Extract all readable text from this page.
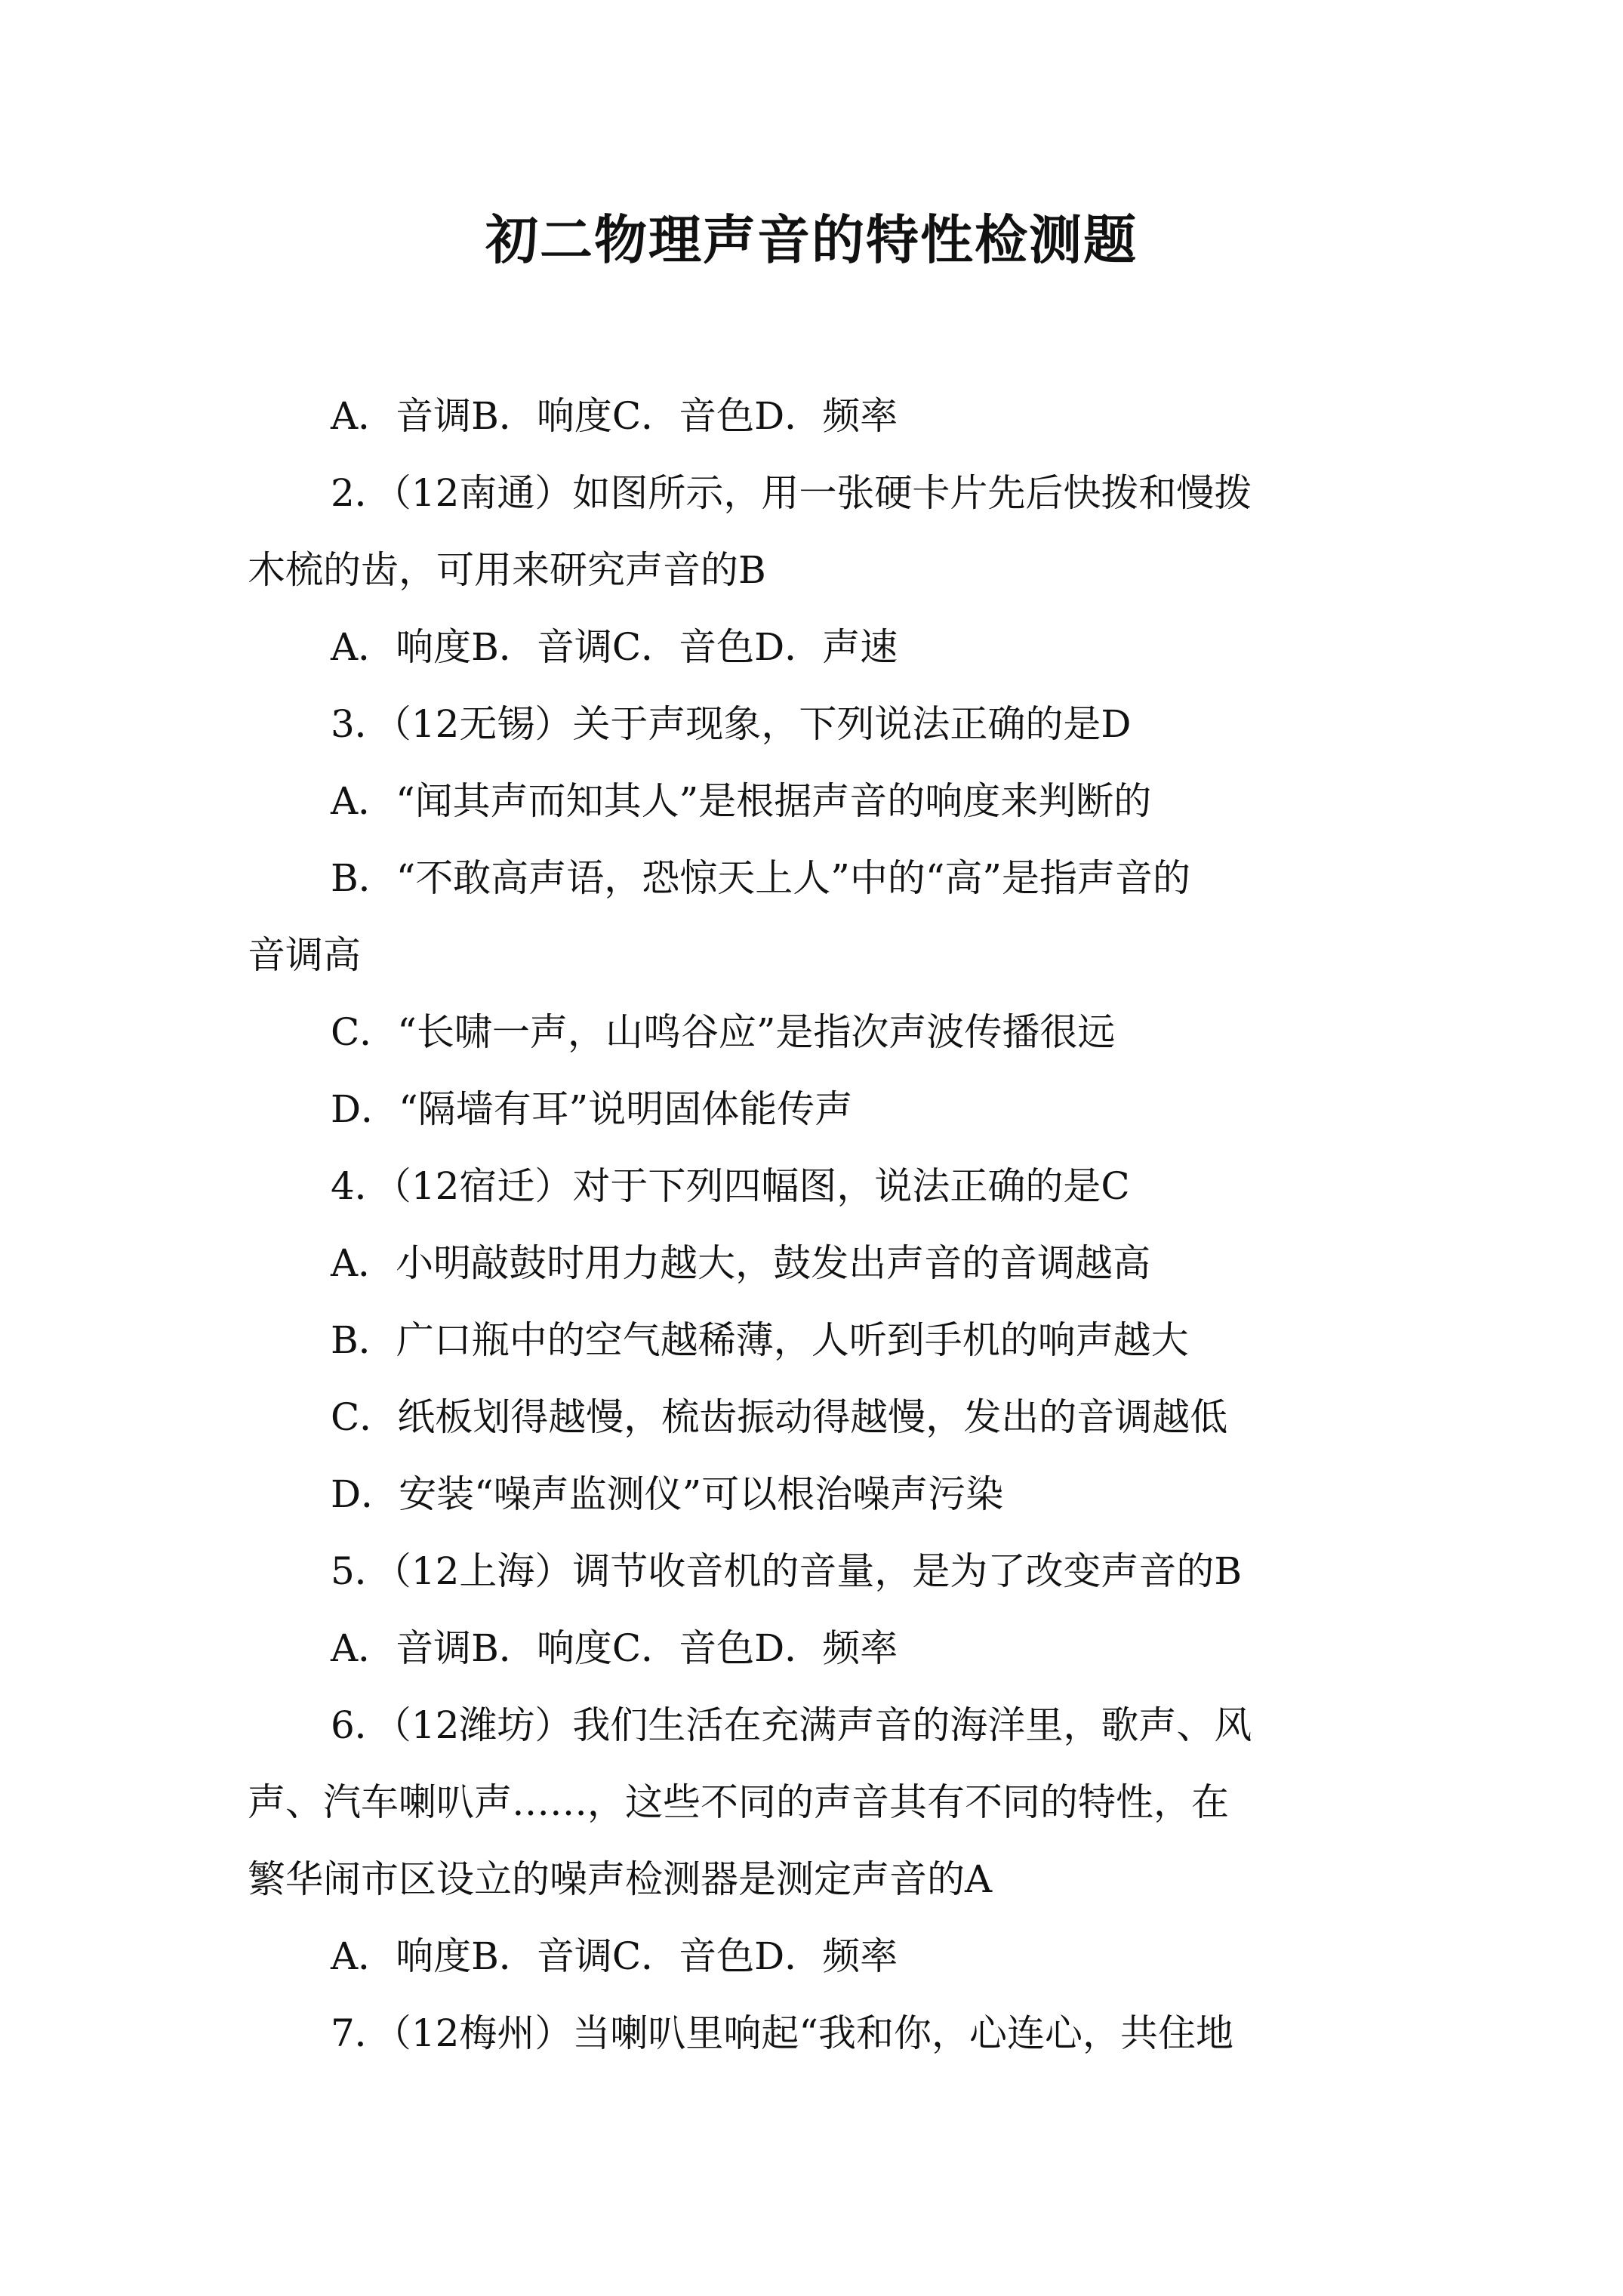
初二物理声音的特性检测题

A．音调B．响度C．音色D．频率

2．（12南通）如图所示，用一张硬卡片先后快拨和慢拨

木梳的齿，可用来研究声音的B

A．响度B．音调C．音色D．声速

3．（12无锡）关于声现象，下列说法正确的是D

A．“闻其声而知其人”是根据声音的响度来判断的

B．“不敢高声语，恐惊天上人”中的“高”是指声音的

音调高

C．“长啸一声，山鸣谷应”是指次声波传播很远

D．“隔墙有耳”说明固体能传声

4．（12宿迁）对于下列四幅图，说法正确的是C

A．小明敲鼓时用力越大，鼓发出声音的音调越高

B．广口瓶中的空气越稀薄，人听到手机的响声越大

C．纸板划得越慢，梳齿振动得越慢，发出的音调越低

D．安装“噪声监测仪”可以根治噪声污染

5．（12上海）调节收音机的音量，是为了改变声音的B

A．音调B．响度C．音色D．频率

6．（12潍坊）我们生活在充满声音的海洋里，歌声、风

声、汽车喇叭声……，这些不同的声音其有不同的特性，在

繁华闹市区设立的噪声检测器是测定声音的A

A．响度B．音调C．音色D．频率

7．（12梅州）当喇叭里响起“我和你，心连心，共住地
